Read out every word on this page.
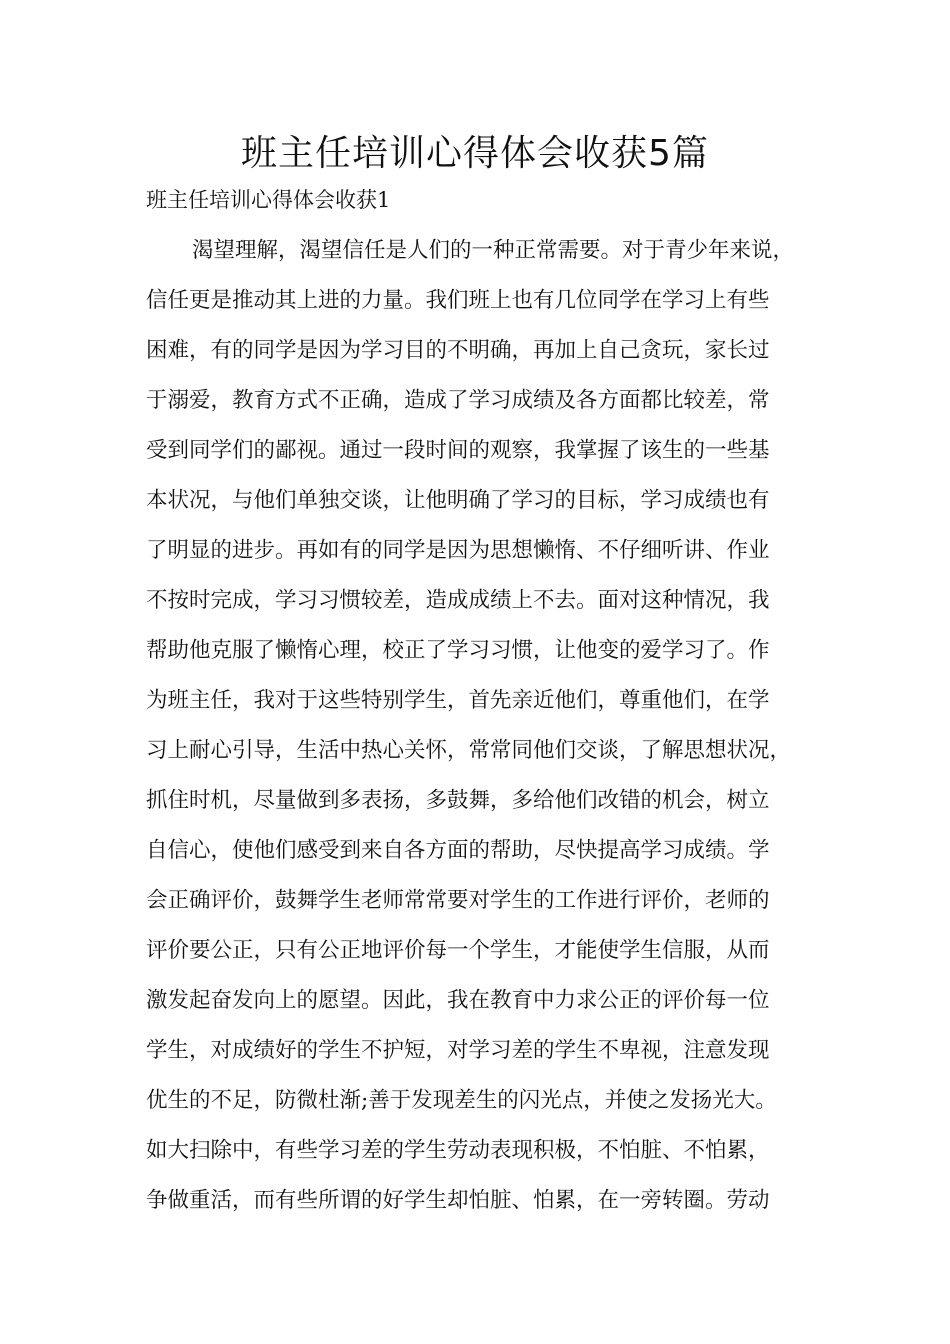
班主任培训心得体会收获5篇
班主任培训心得体会收获1
渴望理解，渴望信任是人们的一种正常需要。对于青少年来说，
信任更是推动其上进的力量。我们班上也有几位同学在学习上有些
困难，有的同学是因为学习目的不明确，再加上自己贪玩，家长过
于溺爱，教育方式不正确，造成了学习成绩及各方面都比较差，常
受到同学们的鄙视。通过一段时间的观察，我掌握了该生的一些基
本状况，与他们单独交谈，让他明确了学习的目标，学习成绩也有
了明显的进步。再如有的同学是因为思想懒惰、不仔细听讲、作业
不按时完成，学习习惯较差，造成成绩上不去。面对这种情况，我
帮助他克服了懒惰心理，校正了学习习惯，让他变的爱学习了。作
为班主任，我对于这些特别学生，首先亲近他们，尊重他们，在学
习上耐心引导，生活中热心关怀，常常同他们交谈，了解思想状况，
抓住时机，尽量做到多表扬，多鼓舞，多给他们改错的机会，树立
自信心，使他们感受到来自各方面的帮助，尽快提高学习成绩。学
会正确评价，鼓舞学生老师常常要对学生的工作进行评价，老师的
评价要公正，只有公正地评价每一个学生，才能使学生信服，从而
激发起奋发向上的愿望。因此，我在教育中力求公正的评价每一位
学生，对成绩好的学生不护短，对学习差的学生不卑视，注意发现
优生的不足，防微杜渐;善于发现差生的闪光点，并使之发扬光大。
如大扫除中，有些学习差的学生劳动表现积极，不怕脏、不怕累，
争做重活，而有些所谓的好学生却怕脏、怕累，在一旁转圈。劳动
